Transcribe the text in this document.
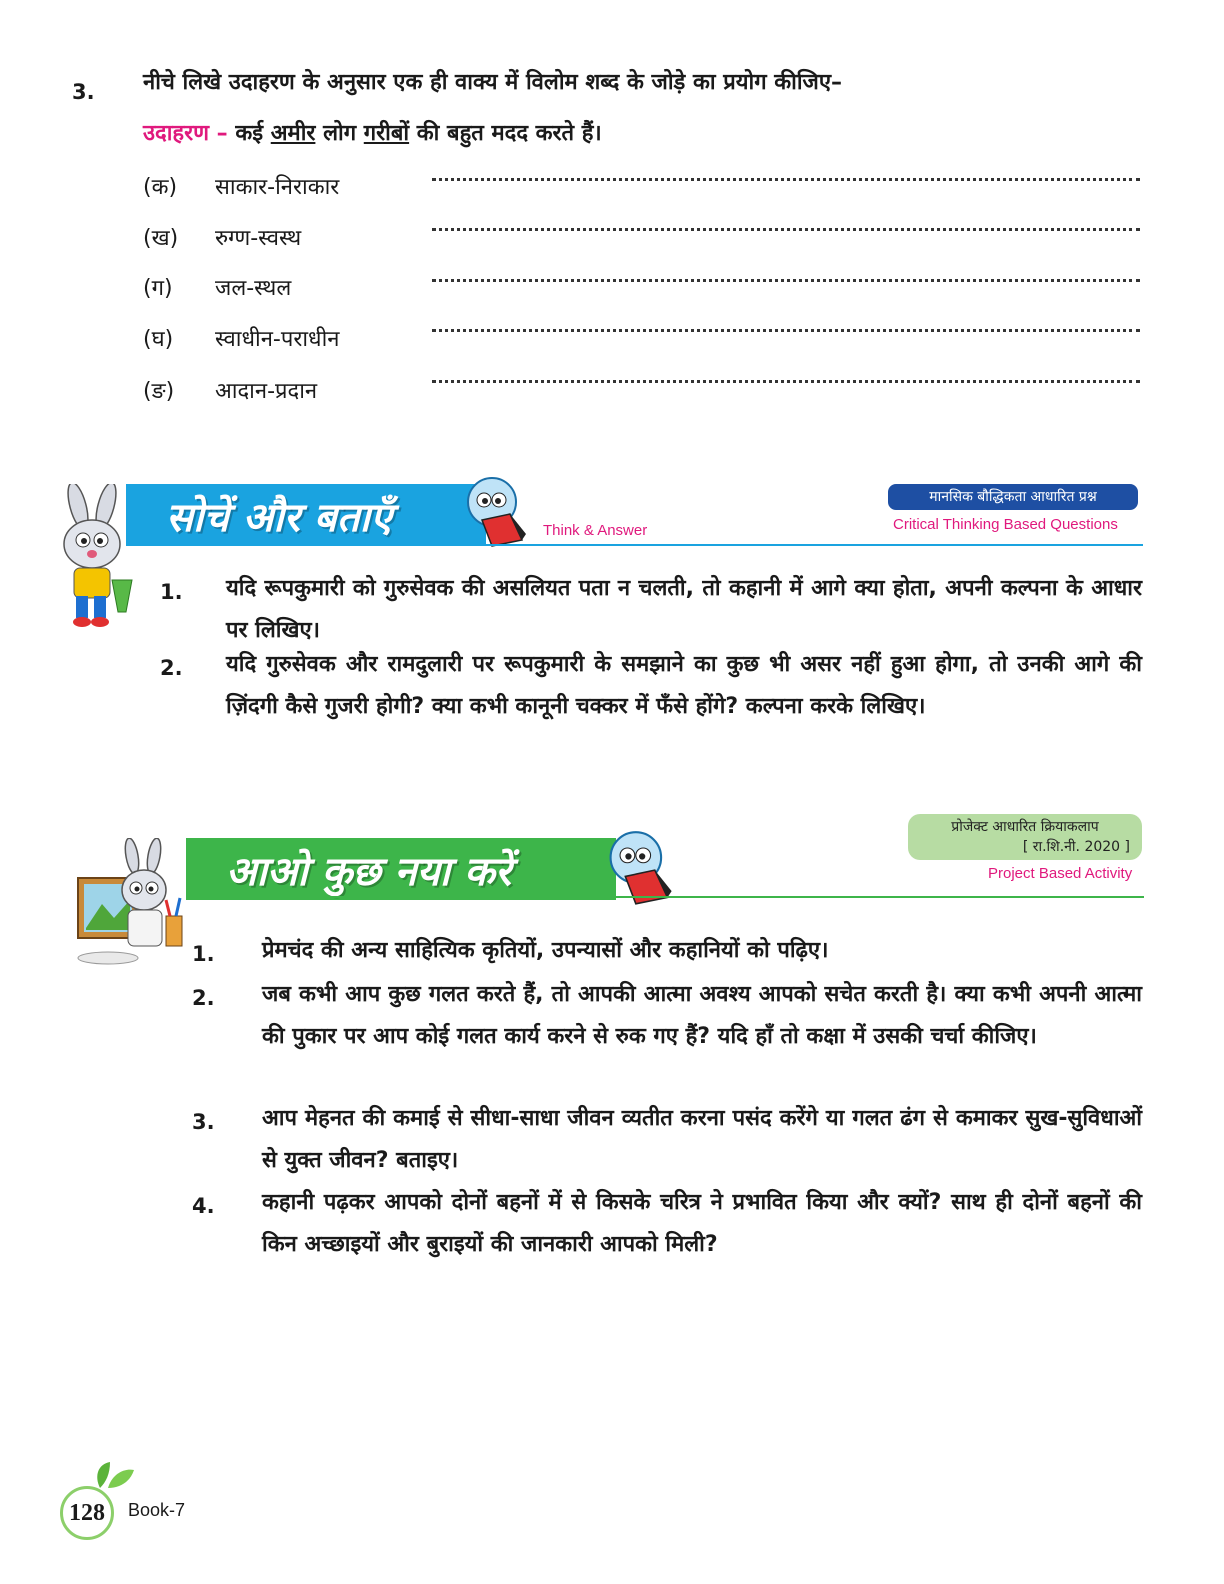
3. नीचे लिखे उदाहरण के अनुसार एक ही वाक्य में विलोम शब्द के जोड़े का प्रयोग कीजिए–
उदाहरण – कई अमीर लोग गरीबों की बहुत मदद करते हैं।
(क)	साकार-निराकार
(ख)	रुग्ण-स्वस्थ
(ग)	जल-स्थल
(घ)	स्वाधीन-पराधीन
(ङ)	आदान-प्रदान
सोचें और बताएँ	Think & Answer
मानसिक बौद्धिकता आधारित प्रश्न
Critical Thinking Based Questions
1. यदि रूपकुमारी को गुरुसेवक की असलियत पता न चलती, तो कहानी में आगे क्या होता, अपनी कल्पना के आधार पर लिखिए।
2. यदि गुरुसेवक और रामदुलारी पर रूपकुमारी के समझाने का कुछ भी असर नहीं हुआ होगा, तो उनकी आगे की ज़िंदगी कैसे गुजरी होगी? क्या कभी कानूनी चक्कर में फँसे होंगे? कल्पना करके लिखिए।
आओ कुछ नया करें
प्रोजेक्ट आधारित क्रियाकलाप
[ रा.शि.नी. 2020 ]
Project Based Activity
1. प्रेमचंद की अन्य साहित्यिक कृतियों, उपन्यासों और कहानियों को पढ़िए।
2. जब कभी आप कुछ गलत करते हैं, तो आपकी आत्मा अवश्य आपको सचेत करती है। क्या कभी अपनी आत्मा की पुकार पर आप कोई गलत कार्य करने से रुक गए हैं? यदि हाँ तो कक्षा में उसकी चर्चा कीजिए।
3. आप मेहनत की कमाई से सीधा-साधा जीवन व्यतीत करना पसंद करेंगे या गलत ढंग से कमाकर सुख-सुविधाओं से युक्त जीवन? बताइए।
4. कहानी पढ़कर आपको दोनों बहनों में से किसके चरित्र ने प्रभावित किया और क्यों? साथ ही दोनों बहनों की किन अच्छाइयों और बुराइयों की जानकारी आपको मिली?
128 Book-7
